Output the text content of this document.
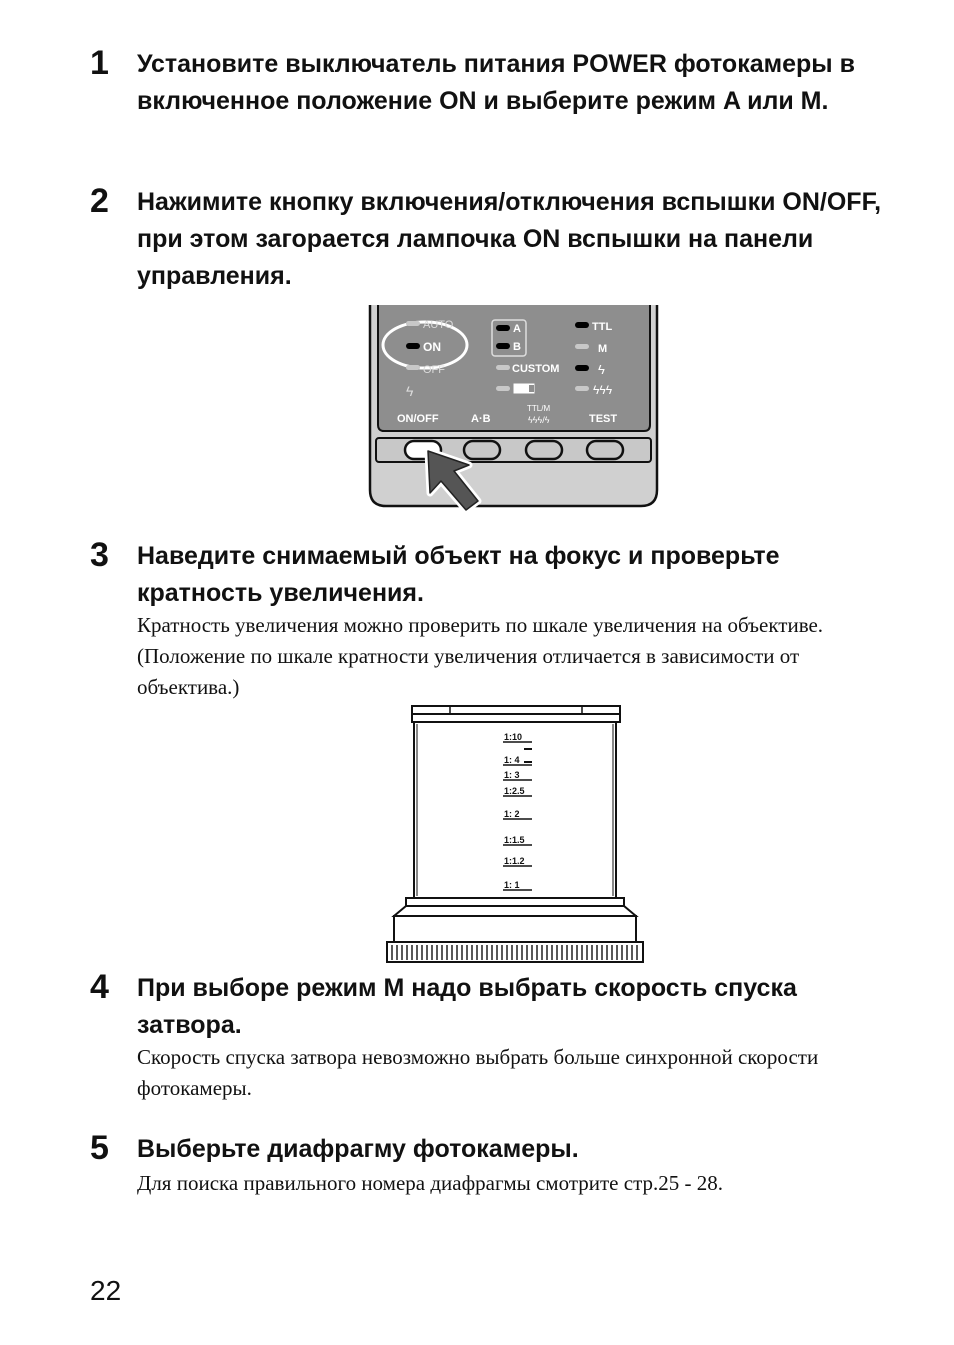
1 Установите выключатель питания POWER фотокамеры в включенное положение ON и выберите режим A или M.

2 Нажимите кнопку включения/отключения вспышки ON/OFF, при этом загорается лампочка ON вспышки на панели управления.

AUTO
ON
OFF
ϟ
A
B
CUSTOM
TTL
M
ϟ
ϟϟϟ
ON/OFF	A·B
TTL/M
ϟϟϟ/ϟ	TEST
3 Наведите снимаемый объект на фокус и проверьте кратность увеличения.

Кратность увеличения можно проверить по шкале увеличения на объективе. (Положение по шкале кратности увеличения отличается в зависимости от объектива.)

1:10
1: 4
1: 3
1:2.5
1: 2
1:1.5
1:1.2
1: 1
4 При выборе режим M надо выбрать скорость спуска затвора.

Скорость спуска затвора невозможно выбрать больше синхронной скорости фотокамеры.

5 Выберьте диафрагму фотокамеры.

Для поиска правильного номера диафрагмы смотрите стр.25 - 28.

22
